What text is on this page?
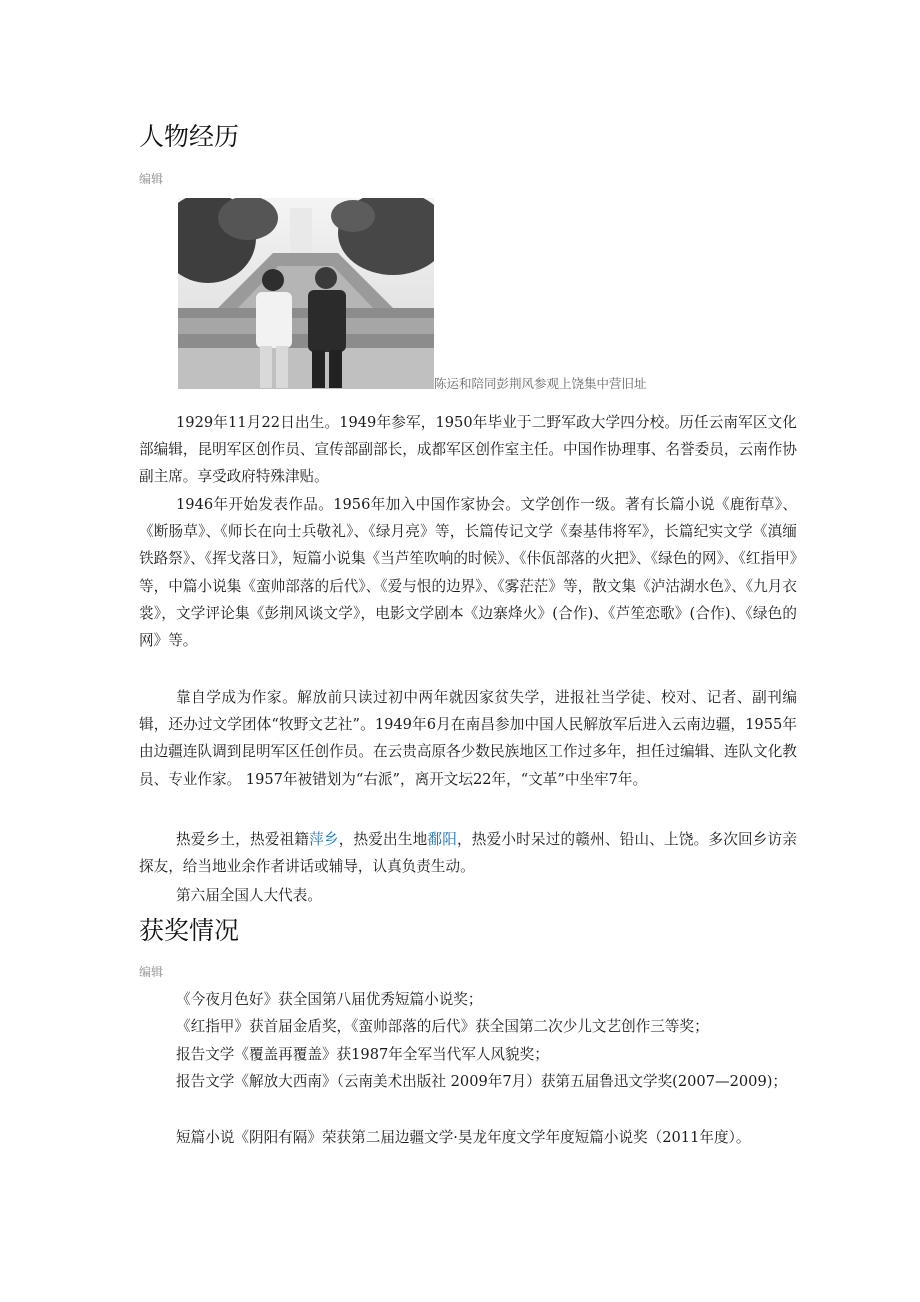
人物经历
编辑
陈运和陪同彭荆风参观上饶集中营旧址

1929年11月22日出生。1949年参军，1950年毕业于二野军政大学四分校。历任云南军区文化部编辑，昆明军区创作员、宣传部副部长，成都军区创作室主任。中国作协理事、名誉委员，云南作协副主席。享受政府特殊津贴。

1946年开始发表作品。1956年加入中国作家协会。文学创作一级。著有长篇小说《鹿衔草》、《断肠草》、《师长在向士兵敬礼》、《绿月亮》等，长篇传记文学《秦基伟将军》，长篇纪实文学《滇缅铁路祭》、《挥戈落日》，短篇小说集《当芦笙吹响的时候》、《佧佤部落的火把》、《绿色的网》、《红指甲》等，中篇小说集《蛮帅部落的后代》、《爱与恨的边界》、《雾茫茫》等，散文集《泸沽湖水色》、《九月衣裳》，文学评论集《彭荆风谈文学》，电影文学剧本《边寨烽火》(合作)、《芦笙恋歌》(合作)、《绿色的网》等。

靠自学成为作家。解放前只读过初中两年就因家贫失学，进报社当学徒、校对、记者、副刊编辑，还办过文学团体“牧野文艺社”。1949年6月在南昌参加中国人民解放军后进入云南边疆，1955年由边疆连队调到昆明军区任创作员。在云贵高原各少数民族地区工作过多年，担任过编辑、连队文化教员、专业作家。 1957年被错划为“右派”，离开文坛22年，“文革”中坐牢7年。

热爱乡土，热爱祖籍萍乡，热爱出生地鄱阳，热爱小时呆过的赣州、铅山、上饶。多次回乡访亲探友，给当地业余作者讲话或辅导，认真负责生动。

第六届全国人大代表。

获奖情况
编辑

《今夜月色好》获全国第八届优秀短篇小说奖；

《红指甲》获首届金盾奖，《蛮帅部落的后代》获全国第二次少儿文艺创作三等奖；

报告文学《覆盖再覆盖》获1987年全军当代军人风貌奖；

报告文学《解放大西南》（云南美术出版社 2009年7月）获第五届鲁迅文学奖(2007—2009)；

短篇小说《阴阳有隔》荣获第二届边疆文学·昊龙年度文学年度短篇小说奖（2011年度）。
